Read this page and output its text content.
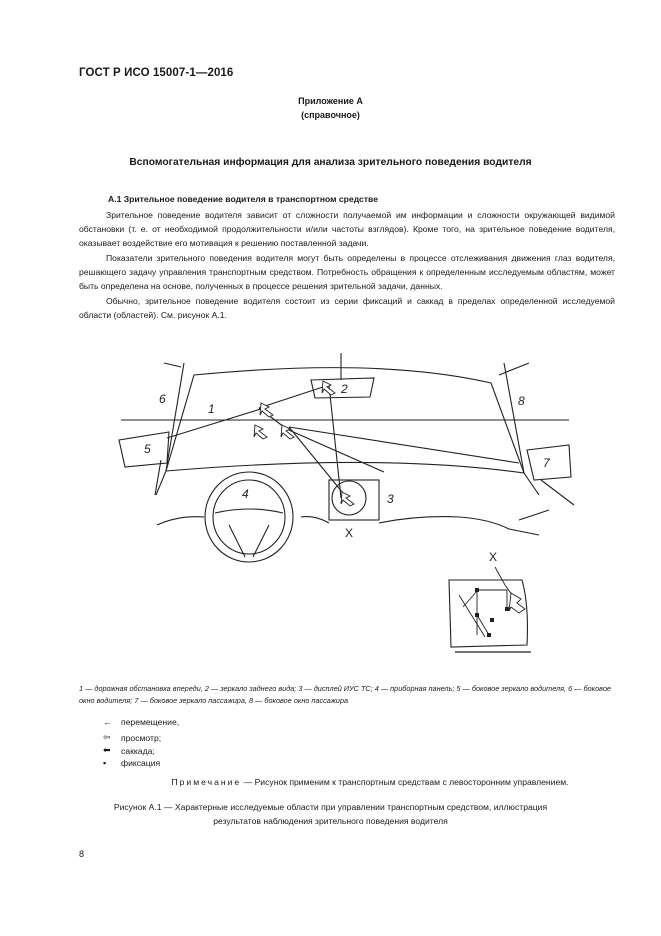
ГОСТ Р ИСО 15007-1—2016
Приложение А
(справочное)
Вспомогательная информация для анализа зрительного поведения водителя
А.1 Зрительное поведение водителя в транспортном средстве
Зрительное поведение водителя зависит от сложности получаемой им информации и сложности окружающей видимой обстановки (т. е. от необходимой продолжительности и/или частоты взглядов). Кроме того, на зрительное поведение водителя, оказывает воздействие его мотивация к решению поставленной задачи.
Показатели зрительного поведения водителя могут быть определены в процессе отслеживания движения глаз водителя, решающего задачу управления транспортным средством. Потребность обращения к определенным исследуемым областям, может быть определена на основе, полученных в процессе решения зрительной задачи, данных.
Обычно, зрительное поведение водителя состоит из серии фиксаций и саккад в пределах определенной исследуемой области (областей). См. рисунок А.1.
1
2
3
4
5
6
7
8
X
X
1 — дорожная обстановка впереди, 2 — зеркало заднего вида; 3 — дисплей ИУС ТС; 4 — приборная панель; 5 — боковое зеркало водителя, 6 — боковое окно водителя; 7 — боковое зеркало пассажира, 8 — боковое окно пассажира
←	перемещение,
⇦	просмотр;
⬅	саккада;
▪	фиксация
Примечание — Рисунок применим к транспортным средствам с левосторонним управлением.
Рисунок А.1 — Характерные исследуемые области при управлении транспортным средством, иллюстрация
результатов наблюдения зрительного поведения водителя
8
